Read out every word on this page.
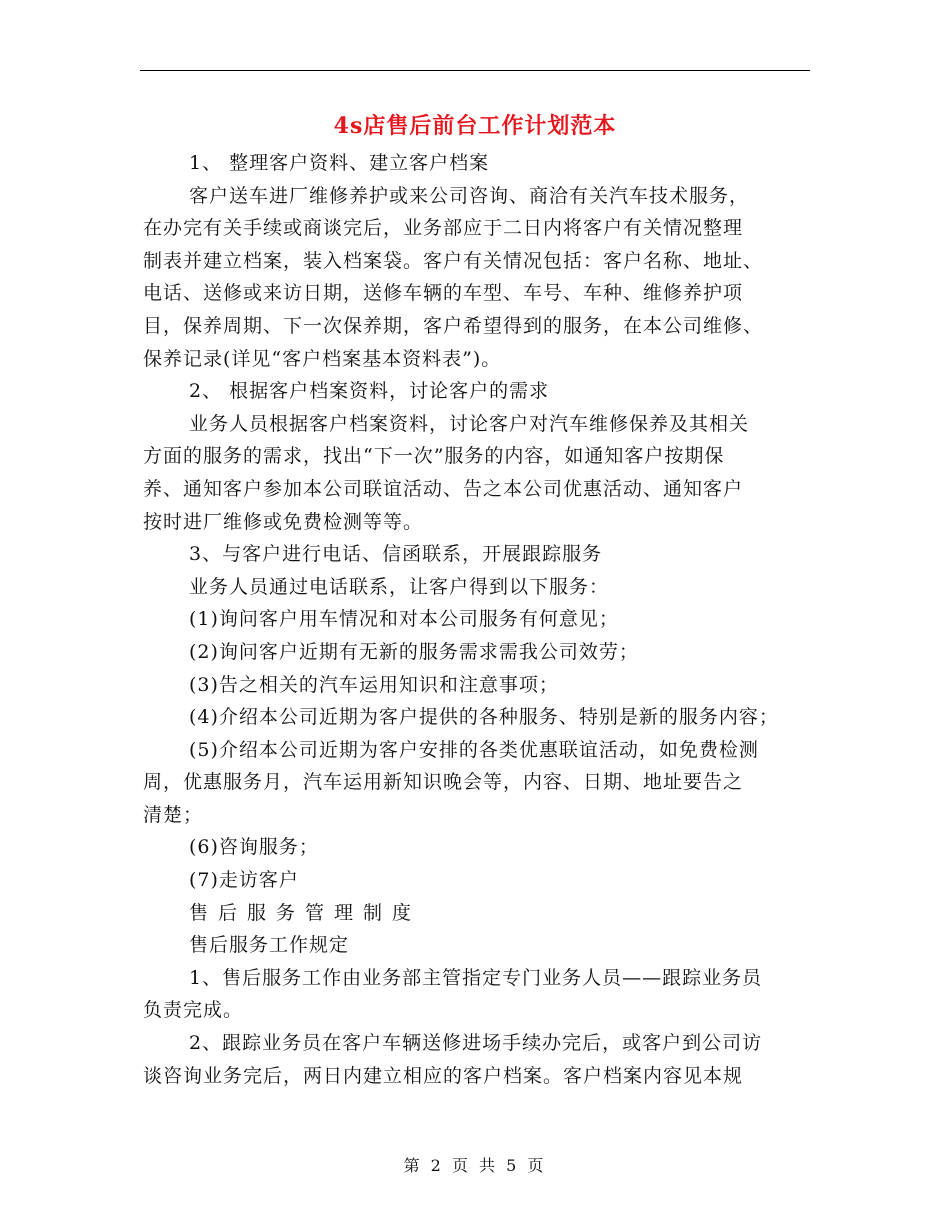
4s店售后前台工作计划范本
1、 整理客户资料、建立客户档案
客户送车进厂维修养护或来公司咨询、商洽有关汽车技术服务，
在办完有关手续或商谈完后，业务部应于二日内将客户有关情况整理
制表并建立档案，装入档案袋。客户有关情况包括：客户名称、地址、
电话、送修或来访日期，送修车辆的车型、车号、车种、维修养护项
目，保养周期、下一次保养期，客户希望得到的服务，在本公司维修、
保养记录(详见“客户档案基本资料表”)。
2、 根据客户档案资料，讨论客户的需求
业务人员根据客户档案资料，讨论客户对汽车维修保养及其相关
方面的服务的需求，找出“下一次”服务的内容，如通知客户按期保
养、通知客户参加本公司联谊活动、告之本公司优惠活动、通知客户
按时进厂维修或免费检测等等。
3、与客户进行电话、信函联系，开展跟踪服务
业务人员通过电话联系，让客户得到以下服务：
(1)询问客户用车情况和对本公司服务有何意见；
(2)询问客户近期有无新的服务需求需我公司效劳；
(3)告之相关的汽车运用知识和注意事项；
(4)介绍本公司近期为客户提供的各种服务、特别是新的服务内容；
(5)介绍本公司近期为客户安排的各类优惠联谊活动，如免费检测
周，优惠服务月，汽车运用新知识晚会等，内容、日期、地址要告之
清楚；
(6)咨询服务；
(7)走访客户
售后服务管理制度
售后服务工作规定
1、售后服务工作由业务部主管指定专门业务人员——跟踪业务员
负责完成。
2、跟踪业务员在客户车辆送修进场手续办完后，或客户到公司访
谈咨询业务完后，两日内建立相应的客户档案。客户档案内容见本规
第 2 页 共 5 页
